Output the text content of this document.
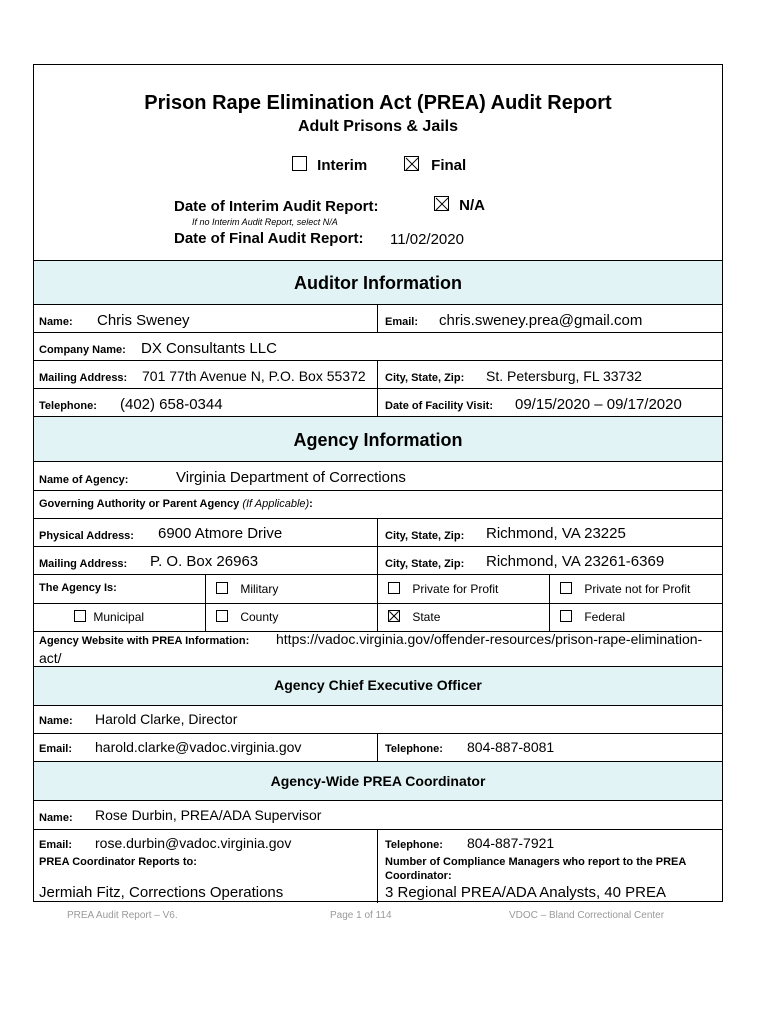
Prison Rape Elimination Act (PREA) Audit Report
Adult Prisons & Jails
Interim	Final
Date of Interim Audit Report:	N/A
If no Interim Audit Report, select N/A
Date of Final Audit Report: 11/02/2020
Auditor Information
Name: Chris Sweney	Email: chris.sweney.prea@gmail.com
Company Name: DX Consultants LLC
Mailing Address: 701 77th Avenue N, P.O. Box 55372 City, State, Zip: St. Petersburg, FL 33732
Telephone: (402) 658-0344	Date of Facility Visit: 09/15/2020 – 09/17/2020
Agency Information
Name of Agency:	Virginia Department of Corrections
Governing Authority or Parent Agency (If Applicable):
Physical Address: 6900 Atmore Drive	City, State, Zip: Richmond, VA 23225
Mailing Address: P. O. Box 26963	City, State, Zip: Richmond, VA 23261-6369
The Agency Is:	Military	Private for Profit	Private not for Profit
Municipal	County	State	Federal
Agency Website with PREA Information: https://vadoc.virginia.gov/offender-resources/prison-rape-elimination-
act/
Agency Chief Executive Officer
Name: Harold Clarke, Director
Email: harold.clarke@vadoc.virginia.gov	Telephone: 804-887-8081
Agency-Wide PREA Coordinator
Name: Rose Durbin, PREA/ADA Supervisor
Email: rose.durbin@vadoc.virginia.gov	Telephone: 804-887-7921
PREA Coordinator Reports to:
Jermiah Fitz, Corrections Operations
Number of Compliance Managers who report to the PREA
Coordinator:
3 Regional PREA/ADA Analysts, 40 PREA
PREA Audit Report – V6.	Page 1 of 114	VDOC – Bland Correctional Center
